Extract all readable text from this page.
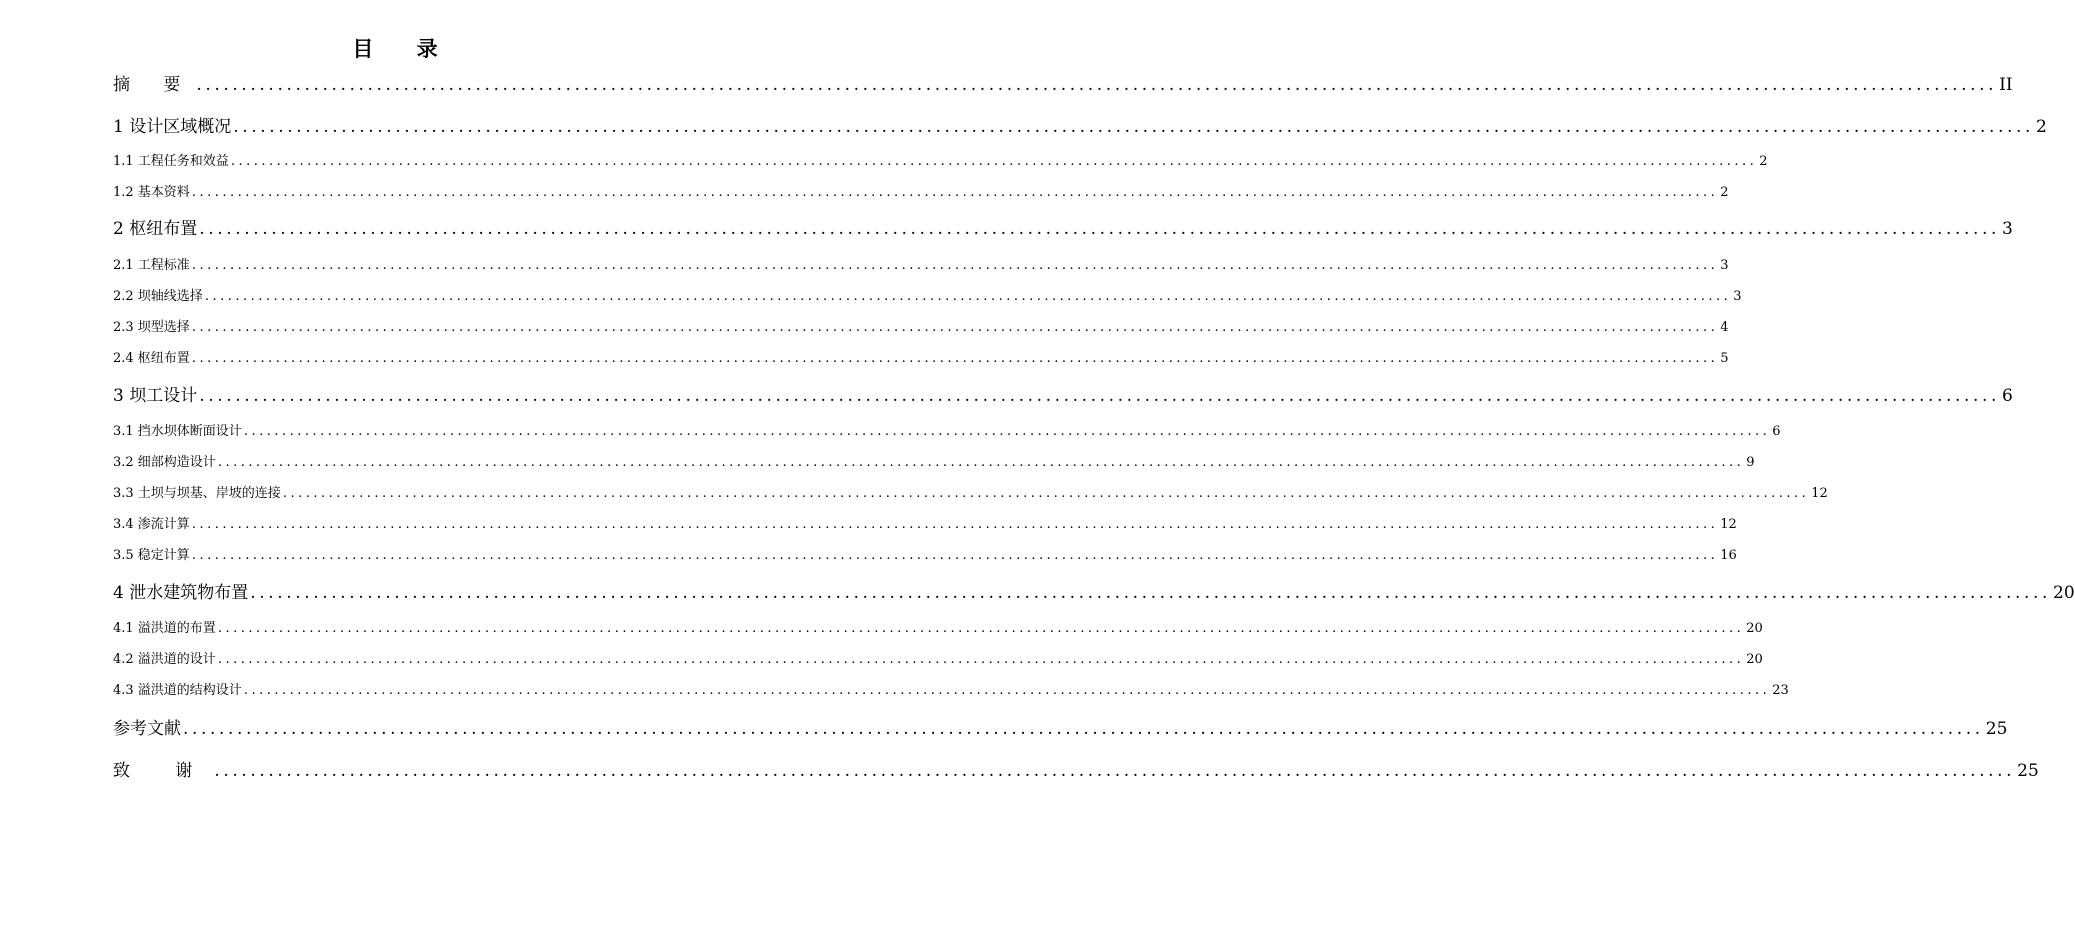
目 录
摘 要 ........................................................................................................................................................................................................ II
1 设计区域概况 ........................................................................................................................................................................................................ 2
1.1 工程任务和效益 ........................................................................................................................................................................................................ 2
1.2 基本资料 ........................................................................................................................................................................................................ 2
2 枢纽布置 ........................................................................................................................................................................................................ 3
2.1 工程标准 ........................................................................................................................................................................................................ 3
2.2 坝轴线选择 ........................................................................................................................................................................................................ 3
2.3 坝型选择 ........................................................................................................................................................................................................ 4
2.4 枢纽布置 ........................................................................................................................................................................................................ 5
3 坝工设计 ........................................................................................................................................................................................................ 6
3.1 挡水坝体断面设计 ........................................................................................................................................................................................................ 6
3.2 细部构造设计 ........................................................................................................................................................................................................ 9
3.3 土坝与坝基、岸坡的连接 ........................................................................................................................................................................................................ 12
3.4 渗流计算 ........................................................................................................................................................................................................ 12
3.5 稳定计算 ........................................................................................................................................................................................................ 16
4 泄水建筑物布置 ........................................................................................................................................................................................................ 20
4.1 溢洪道的布置 ........................................................................................................................................................................................................ 20
4.2 溢洪道的设计 ........................................................................................................................................................................................................ 20
4.3 溢洪道的结构设计 ........................................................................................................................................................................................................ 23
参考文献 ........................................................................................................................................................................................................ 25
致 谢 ........................................................................................................................................................................................................ 25
